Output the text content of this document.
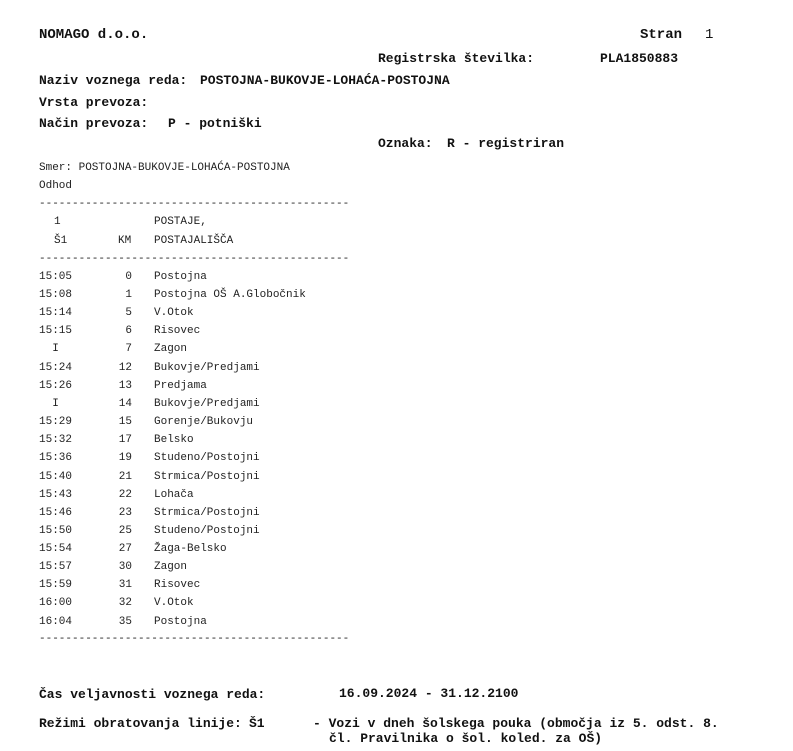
NOMAGO d.o.o.	Stran 1
Registrska številka:	PLA1850883
Naziv voznega reda: POSTOJNA-BUKOVJE-LOHAĆA-POSTOJNA
Vrsta prevoza:
Način prevoza: P - potniški
Oznaka: R - registriran
Smer: POSTOJNA-BUKOVJE-LOHAĆA-POSTOJNA
Odhod
-----------------------------------------------
1	POSTAJE,
Š1	KM POSTAJALIŠČA
-----------------------------------------------
15:05	0 Postojna
15:08	1 Postojna OŠ A.Globočnik
15:14	5 V.Otok
15:15	6 Risovec
I	7 Zagon
15:24	12 Bukovje/Predjami
15:26	13 Predjama
I	14 Bukovje/Predjami
15:29	15 Gorenje/Bukovju
15:32	17 Belsko
15:36	19 Studeno/Postojni
15:40	21 Strmica/Postojni
15:43	22 Lohača
15:46	23 Strmica/Postojni
15:50	25 Studeno/Postojni
15:54	27 Žaga-Belsko
15:57	30 Zagon
15:59	31 Risovec
16:00	32 V.Otok
16:04	35 Postojna
-----------------------------------------------
Čas veljavnosti voznega reda:	16.09.2024 - 31.12.2100
Režimi obratovanja linije: Š1	- Vozi v dneh šolskega pouka (območja iz 5. odst. 8.
čl. Pravilnika o šol. koled. za OŠ)
